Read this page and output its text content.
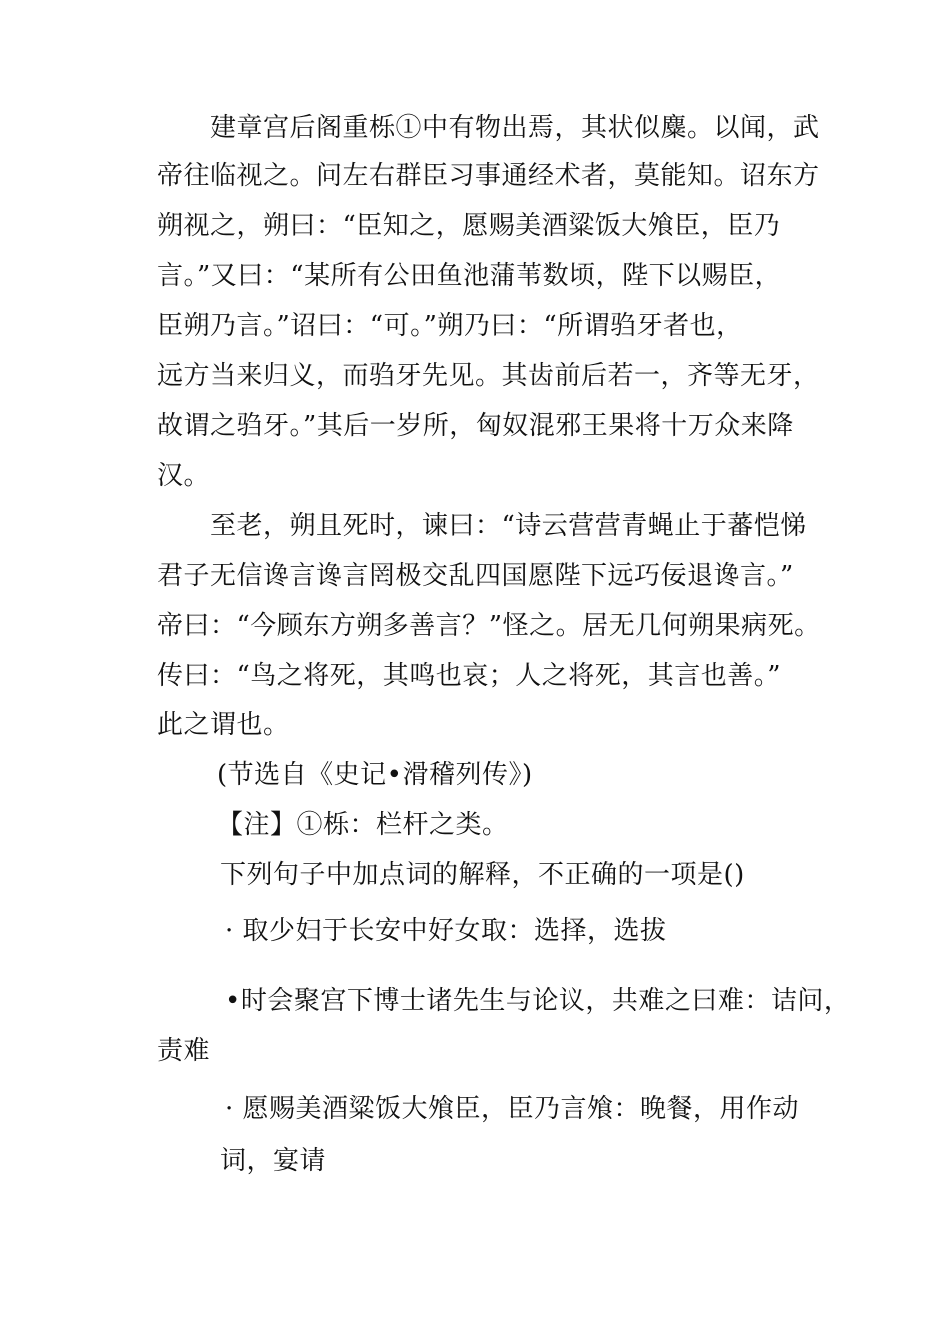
建章宫后阁重栎①中有物出焉，其状似麋。以闻，武
帝往临视之。问左右群臣习事通经术者，莫能知。诏东方
朔视之，朔曰：“臣知之，愿赐美酒粱饭大飧臣，臣乃
言。”又曰：“某所有公田鱼池蒲苇数顷，陛下以赐臣，
臣朔乃言。”诏曰：“可。”朔乃曰：“所谓驺牙者也，
远方当来归义，而驺牙先见。其齿前后若一，齐等无牙，
故谓之驺牙。”其后一岁所，匈奴混邪王果将十万众来降
汉。
至老，朔且死时，谏曰：“诗云营营青蝇止于蕃恺悌
君子无信谗言谗言罔极交乱四国愿陛下远巧佞退谗言。”
帝曰：“今顾东方朔多善言？”怪之。居无几何朔果病死。
传曰：“鸟之将死，其鸣也哀；人之将死，其言也善。”
此之谓也。
(节选自《史记•滑稽列传》)
【注】①栎：栏杆之类。
下列句子中加点词的解释，不正确的一项是()
· 取少妇于长安中好女取：选择，选拔
•时会聚宫下博士诸先生与论议，共难之曰难：诘问，
责难
· 愿赐美酒粱饭大飧臣，臣乃言飧：晚餐，用作动
词，宴请
